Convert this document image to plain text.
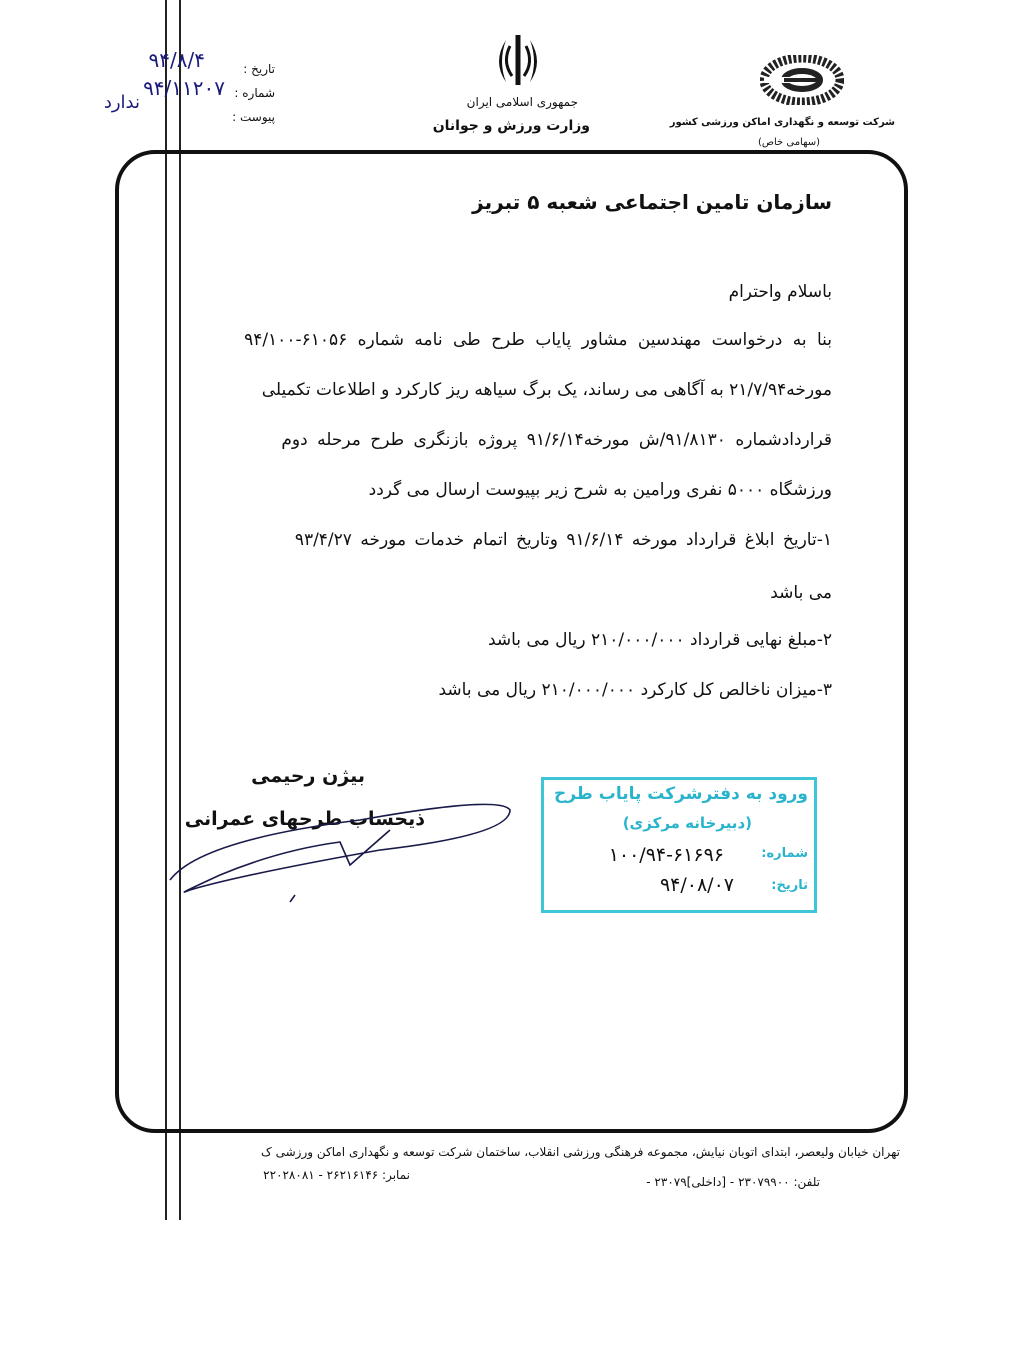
شرکت توسعه و نگهداری اماکن ورزشی کشور
(سهامی خاص)
جمهوری اسلامی ایران
وزارت ورزش و جوانان
تاریخ :
۹۴/۸/۴
شماره :
۹۴/۱۱۲۰۷
پیوست :
ندارد
سازمان تامین اجتماعی شعبه ۵ تبریز
باسلام واحترام
بنا به درخواست مهندسین مشاور پایاب طرح طی نامه شماره ۶۱۰۵۶-۹۴/۱۰۰
مورخه۲۱/۷/۹۴ به آگاهی می رساند، یک برگ سیاهه ریز کارکرد و اطلاعات تکمیلی
قراردادشماره ۹۱/۸۱۳۰/ش مورخه۹۱/۶/۱۴ پروژه بازنگری طرح مرحله دوم
ورزشگاه ۵۰۰۰ نفری ورامین به شرح زیر بپیوست ارسال می گردد
۱-تاریخ ابلاغ قرارداد مورخه ۹۱/۶/۱۴ وتاریخ اتمام خدمات مورخه ۹۳/۴/۲۷
می باشد
۲-مبلغ نهایی قرارداد ۲۱۰/۰۰۰/۰۰۰ ریال می باشد
۳-میزان ناخالص کل کارکرد ۲۱۰/۰۰۰/۰۰۰ ریال می باشد
بیژن رحیمی
ذیحساب طرحهای عمرانی
ورود به دفترشرکت پایاب طرح
(دبیرخانه مرکزی)
شماره:
۱۰۰/۹۴-۶۱۶۹۶
تاریخ:
۹۴/۰۸/۰۷
تهران خیابان ولیعصر، ابتدای اتوبان نیایش، مجموعه فرهنگی ورزشی انقلاب، ساختمان شرکت توسعه و نگهداری اماکن ورزشی ک
تلفن: ۲۳۰۷۹۹۰۰ - [داخلی]۲۳۰۷۹ -
نمابر: ۲۶۲۱۶۱۴۶ - ۲۲۰۲۸۰۸۱
